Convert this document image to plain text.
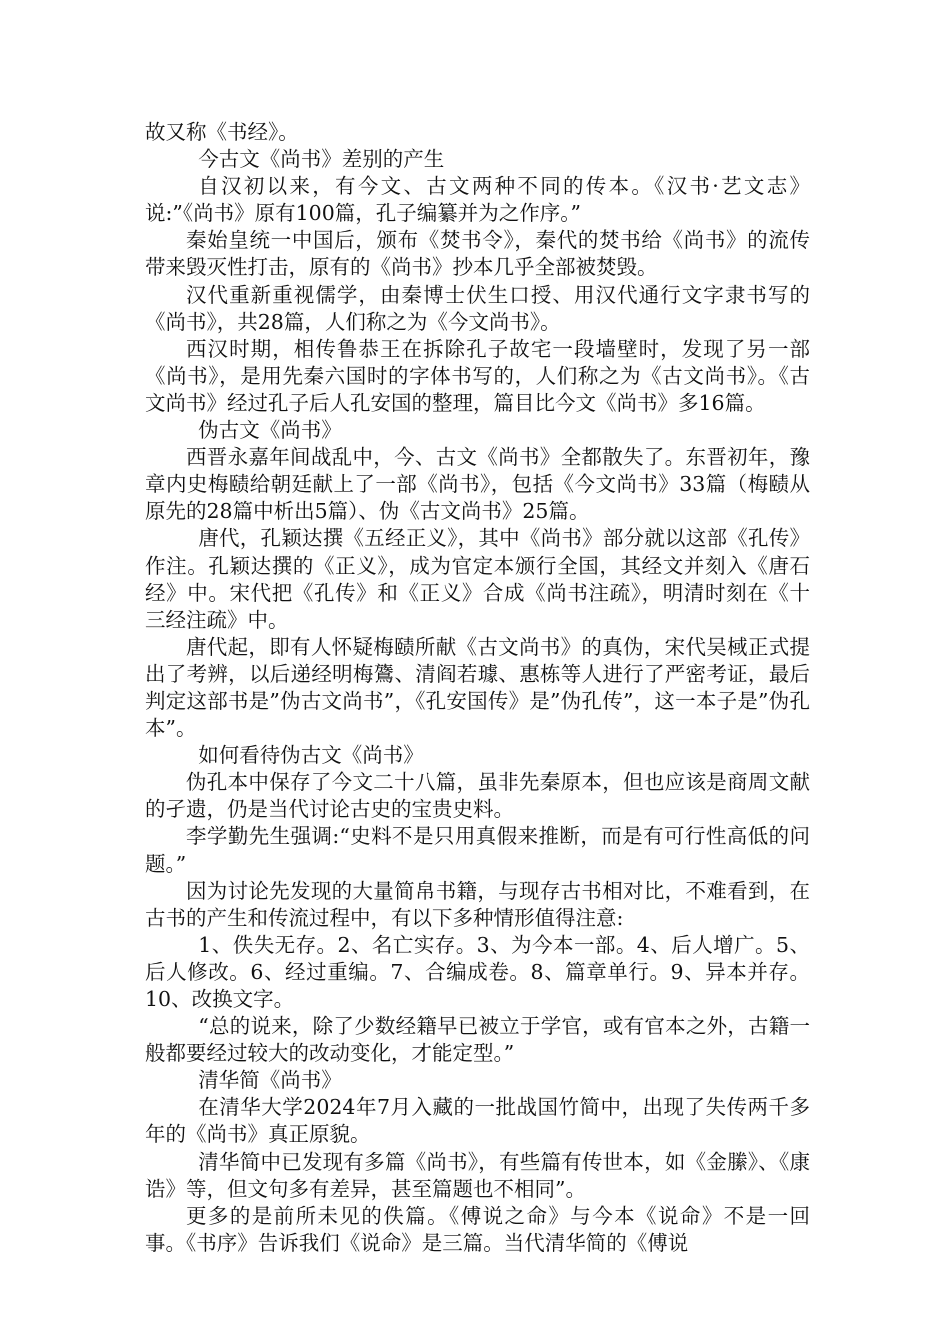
故又称《书经》。

今古文《尚书》差别的产生

自汉初以来，有今文、古文两种不同的传本。《汉书·艺文志》说:”《尚书》原有100篇，孔子编纂并为之作序。”

秦始皇统一中国后，颁布《焚书令》，秦代的焚书给《尚书》的流传带来毁灭性打击，原有的《尚书》抄本几乎全部被焚毁。

汉代重新重视儒学，由秦博士伏生口授、用汉代通行文字隶书写的《尚书》，共28篇，人们称之为《今文尚书》。

西汉时期，相传鲁恭王在拆除孔子故宅一段墙壁时，发现了另一部《尚书》，是用先秦六国时的字体书写的，人们称之为《古文尚书》。《古文尚书》经过孔子后人孔安国的整理，篇目比今文《尚书》多16篇。

伪古文《尚书》

西晋永嘉年间战乱中，今、古文《尚书》全都散失了。东晋初年，豫章内史梅赜给朝廷献上了一部《尚书》，包括《今文尚书》33篇（梅赜从原先的28篇中析出5篇）、伪《古文尚书》25篇。

唐代，孔颖达撰《五经正义》，其中《尚书》部分就以这部《孔传》作注。孔颖达撰的《正义》，成为官定本颁行全国，其经文并刻入《唐石经》中。宋代把《孔传》和《正义》合成《尚书注疏》，明清时刻在《十三经注疏》中。

唐代起，即有人怀疑梅赜所献《古文尚书》的真伪，宋代吴棫正式提出了考辨，以后递经明梅鷟、清阎若璩、惠栋等人进行了严密考证，最后判定这部书是”伪古文尚书”，《孔安国传》是”伪孔传”，这一本子是”伪孔本”。

如何看待伪古文《尚书》

伪孔本中保存了今文二十八篇，虽非先秦原本，但也应该是商周文献的孑遗，仍是当代讨论古史的宝贵史料。

李学勤先生强调:“史料不是只用真假来推断，而是有可行性高低的问题。”

因为讨论先发现的大量简帛书籍，与现存古书相对比，不难看到，在古书的产生和传流过程中，有以下多种情形值得注意:

1、佚失无存。2、名亡实存。3、为今本一部。4、后人增广。5、后人修改。6、经过重编。7、合编成卷。8、篇章单行。9、异本并存。10、改换文字。

“总的说来，除了少数经籍早已被立于学官，或有官本之外，古籍一般都要经过较大的改动变化，才能定型。”

清华简《尚书》

在清华大学2024年7月入藏的一批战国竹简中，出现了失传两千多年的《尚书》真正原貌。

清华简中已发现有多篇《尚书》，有些篇有传世本，如《金縢》、《康诰》等，但文句多有差异，甚至篇题也不相同”。

更多的是前所未见的佚篇。《傅说之命》与今本《说命》不是一回事。《书序》告诉我们《说命》是三篇。当代清华简的《傅说
